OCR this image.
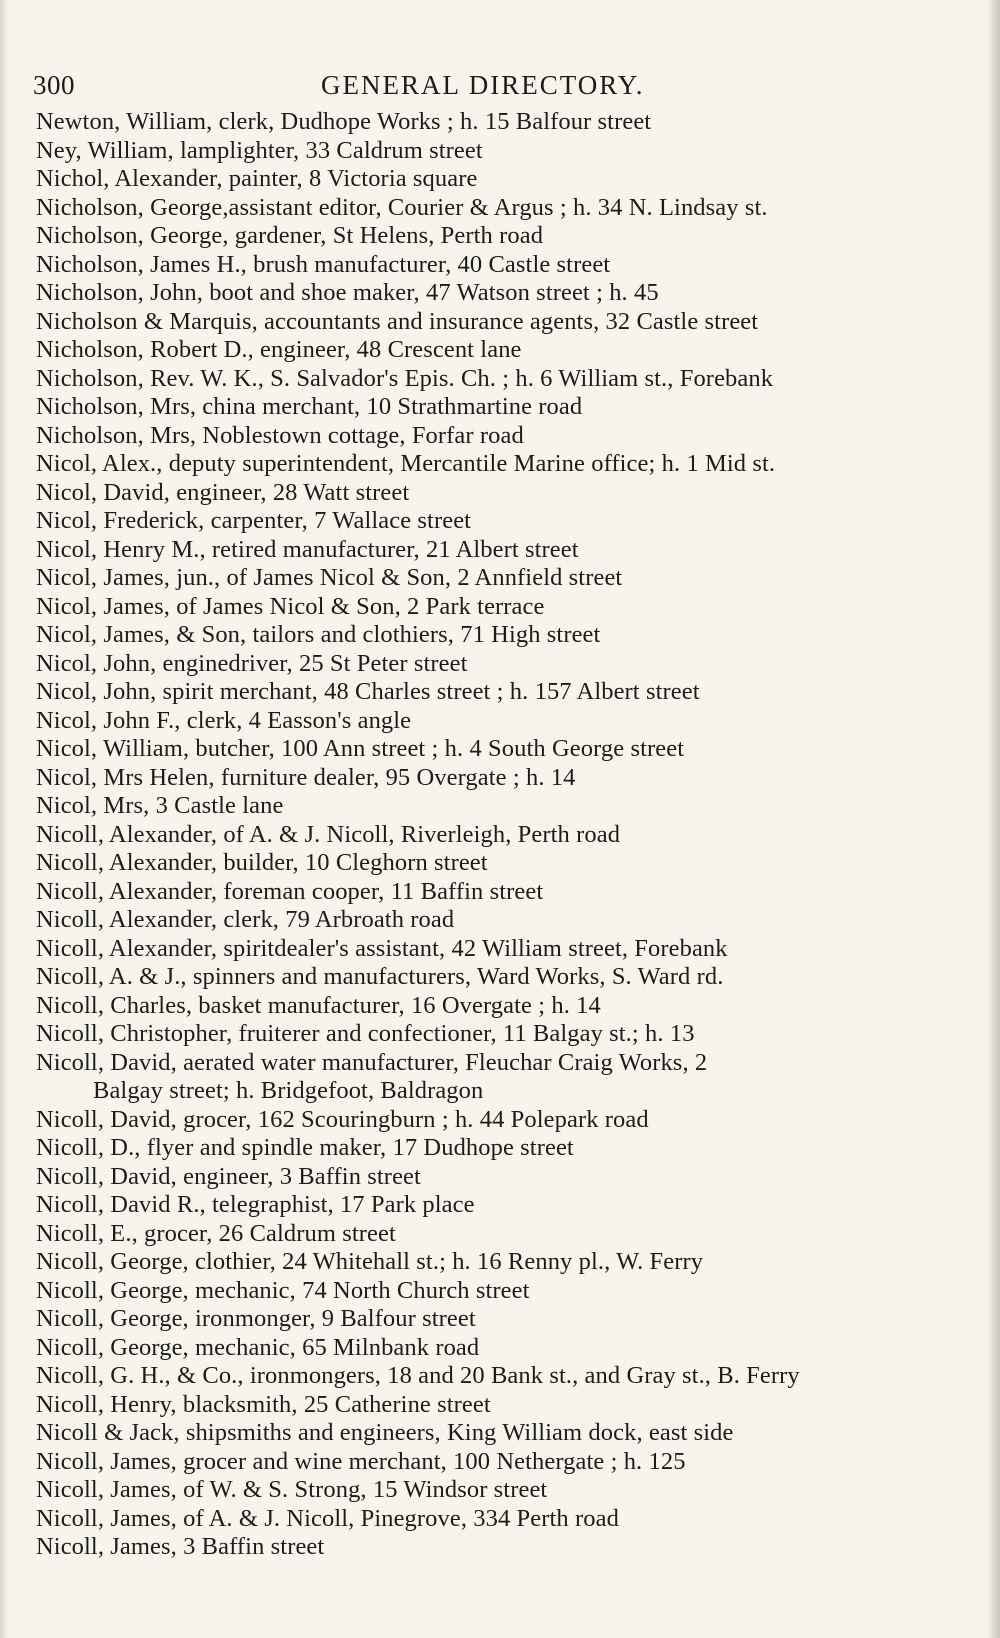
300	GENERAL DIRECTORY.
Newton, William, clerk, Dudhope Works ; h. 15 Balfour street
Ney, William, lamplighter, 33 Caldrum street
Nichol, Alexander, painter, 8 Victoria square
Nicholson, George,assistant editor, Courier & Argus ; h. 34 N. Lindsay st.
Nicholson, George, gardener, St Helens, Perth road
Nicholson, James H., brush manufacturer, 40 Castle street
Nicholson, John, boot and shoe maker, 47 Watson street ; h. 45
Nicholson & Marquis, accountants and insurance agents, 32 Castle street
Nicholson, Robert D., engineer, 48 Crescent lane
Nicholson, Rev. W. K., S. Salvador's Epis. Ch. ; h. 6 William st., Forebank
Nicholson, Mrs, china merchant, 10 Strathmartine road
Nicholson, Mrs, Noblestown cottage, Forfar road
Nicol, Alex., deputy superintendent, Mercantile Marine office; h. 1 Mid st.
Nicol, David, engineer, 28 Watt street
Nicol, Frederick, carpenter, 7 Wallace street
Nicol, Henry M., retired manufacturer, 21 Albert street
Nicol, James, jun., of James Nicol & Son, 2 Annfield street
Nicol, James, of James Nicol & Son, 2 Park terrace
Nicol, James, & Son, tailors and clothiers, 71 High street
Nicol, John, enginedriver, 25 St Peter street
Nicol, John, spirit merchant, 48 Charles street ; h. 157 Albert street
Nicol, John F., clerk, 4 Easson's angle
Nicol, William, butcher, 100 Ann street ; h. 4 South George street
Nicol, Mrs Helen, furniture dealer, 95 Overgate ; h. 14
Nicol, Mrs, 3 Castle lane
Nicoll, Alexander, of A. & J. Nicoll, Riverleigh, Perth road
Nicoll, Alexander, builder, 10 Cleghorn street
Nicoll, Alexander, foreman cooper, 11 Baffin street
Nicoll, Alexander, clerk, 79 Arbroath road
Nicoll, Alexander, spiritdealer's assistant, 42 William street, Forebank
Nicoll, A. & J., spinners and manufacturers, Ward Works, S. Ward rd.
Nicoll, Charles, basket manufacturer, 16 Overgate ; h. 14
Nicoll, Christopher, fruiterer and confectioner, 11 Balgay st.; h. 13
Nicoll, David, aerated water manufacturer, Fleuchar Craig Works, 2
Balgay street; h. Bridgefoot, Baldragon
Nicoll, David, grocer, 162 Scouringburn ; h. 44 Polepark road
Nicoll, D., flyer and spindle maker, 17 Dudhope street
Nicoll, David, engineer, 3 Baffin street
Nicoll, David R., telegraphist, 17 Park place
Nicoll, E., grocer, 26 Caldrum street
Nicoll, George, clothier, 24 Whitehall st.; h. 16 Renny pl., W. Ferry
Nicoll, George, mechanic, 74 North Church street
Nicoll, George, ironmonger, 9 Balfour street
Nicoll, George, mechanic, 65 Milnbank road
Nicoll, G. H., & Co., ironmongers, 18 and 20 Bank st., and Gray st., B. Ferry
Nicoll, Henry, blacksmith, 25 Catherine street
Nicoll & Jack, shipsmiths and engineers, King William dock, east side
Nicoll, James, grocer and wine merchant, 100 Nethergate ; h. 125
Nicoll, James, of W. & S. Strong, 15 Windsor street
Nicoll, James, of A. & J. Nicoll, Pinegrove, 334 Perth road
Nicoll, James, 3 Baffin street
